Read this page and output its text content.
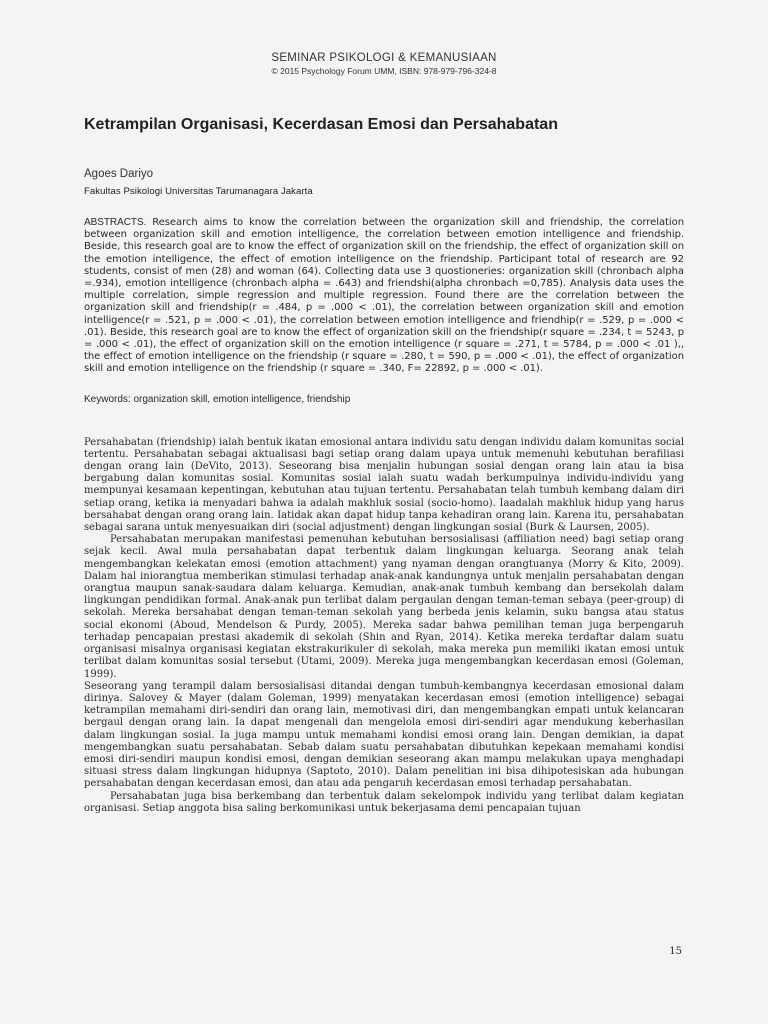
SEMINAR PSIKOLOGI & KEMANUSIAAN
© 2015 Psychology Forum UMM, ISBN: 978-979-796-324-8
Ketrampilan Organisasi, Kecerdasan Emosi dan Persahabatan
Agoes Dariyo
Fakultas Psikologi Universitas Tarumanagara Jakarta
ABSTRACTS. Research aims to know the correlation between the organization skill and friendship, the correlation between organization skill and emotion intelligence, the correlation between emotion intelligence and friendship. Beside, this research goal are to know the effect of organization skill on the friendship, the effect of organization skill on the emotion intelligence, the effect of emotion intelligence on the friendship. Participant total of research are 92 students, consist of men (28) and woman (64). Collecting data use 3 quostioneries: organization skill (chronbach alpha =.934), emotion intelligence (chronbach alpha = .643) and friendshi(alpha chronbach =0,785). Analysis data uses the multiple correlation, simple regression and multiple regression. Found there are the correlation between the organization skill and friendship(r = .484, p = .000 < .01), the correlation between organization skill and emotion intelligence(r = .521, p = .000 < .01), the correlation between emotion intelligence and friendhip(r = .529, p = .000 < .01). Beside, this research goal are to know the effect of organization skill on the friendship(r square = .234, t = 5243, p = .000 < .01), the effect of organization skill on the emotion intelligence (r square = .271, t = 5784, p = .000 < .01 ),, the effect of emotion intelligence on the friendship (r square = .280, t = 590, p = .000 < .01), the effect of organization skill and emotion intelligence on the friendship (r square = .340, F= 22892, p = .000 < .01).
Keywords: organization skill, emotion intelligence, friendship

Persahabatan (friendship) ialah bentuk ikatan emosional antara individu satu dengan individu dalam komunitas social tertentu. Persahabatan sebagai aktualisasi bagi setiap orang dalam upaya untuk memenuhi kebutuhan berafiliasi dengan orang lain (DeVito, 2013). Seseorang bisa menjalin hubungan sosial dengan orang lain atau ia bisa bergabung dalan komunitas sosial. Komunitas sosial ialah suatu wadah berkumpulnya individu-individu yang mempunyai kesamaan kepentingan, kebutuhan atau tujuan tertentu. Persahabatan telah tumbuh kembang dalam diri setiap orang, ketika ia menyadari bahwa ia adalah makhluk sosial (socio-homo). Iaadalah makhluk hidup yang harus bersahabat dengan orang orang lain. Iatidak akan dapat hidup tanpa kehadiran orang lain. Karena itu, persahabatan sebagai sarana untuk menyesuaikan diri (social adjustment) dengan lingkungan sosial (Burk & Laursen, 2005).

Persahabatan merupakan manifestasi pemenuhan kebutuhan bersosialisasi (affiliation need) bagi setiap orang sejak kecil. Awal mula persahabatan dapat terbentuk dalam lingkungan keluarga. Seorang anak telah mengembangkan kelekatan emosi (emotion attachment) yang nyaman dengan orangtuanya (Morry & Kito, 2009). Dalam hal iniorangtua memberikan stimulasi terhadap anak-anak kandungnya untuk menjalin persahabatan dengan orangtua maupun sanak-saudara dalam keluarga. Kemudian, anak-anak tumbuh kembang dan bersekolah dalam lingkungan pendidikan formal. Anak-anak pun terlibat dalam pergaulan dengan teman-teman sebaya (peer-group) di sekolah. Mereka bersahabat dengan teman-teman sekolah yang berbeda jenis kelamin, suku bangsa atau status social ekonomi (Aboud, Mendelson & Purdy, 2005). Mereka sadar bahwa pemilihan teman juga berpengaruh terhadap pencapaian prestasi akademik di sekolah (Shin and Ryan, 2014). Ketika mereka terdaftar dalam suatu organisasi misalnya organisasi kegiatan ekstrakurikuler di sekolah, maka mereka pun memiliki ikatan emosi untuk terlibat dalam komunitas sosial tersebut (Utami, 2009). Mereka juga mengembangkan kecerdasan emosi (Goleman, 1999).

Seseorang yang terampil dalam bersosialisasi ditandai dengan tumbuh-kembangnya kecerdasan emosional dalam dirinya. Salovey & Mayer (dalam Goleman, 1999) menyatakan kecerdasan emosi (emotion intelligence) sebagai ketrampilan memahami diri-sendiri dan orang lain, memotivasi diri, dan mengembangkan empati untuk kelancaran bergaul dengan orang lain. Ia dapat mengenali dan mengelola emosi diri-sendiri agar mendukung keberhasilan dalam lingkungan sosial. Ia juga mampu untuk memahami kondisi emosi orang lain. Dengan demikian, ia dapat mengembangkan suatu persahabatan. Sebab dalam suatu persahabatan dibutuhkan kepekaan memahami kondisi emosi diri-sendiri maupun kondisi emosi, dengan demikian seseorang akan mampu melakukan upaya menghadapi situasi stress dalam lingkungan hidupnya (Saptoto, 2010). Dalam penelitian ini bisa dihipotesiskan ada hubungan persahabatan dengan kecerdasan emosi, dan atau ada pengaruh kecerdasan emosi terhadap persahabatan.

Persahabatan juga bisa berkembang dan terbentuk dalam sekelompok individu yang terlibat dalam kegiatan organisasi. Setiap anggota bisa saling berkomunikasi untuk bekerjasama demi pencapaian tujuan

15
